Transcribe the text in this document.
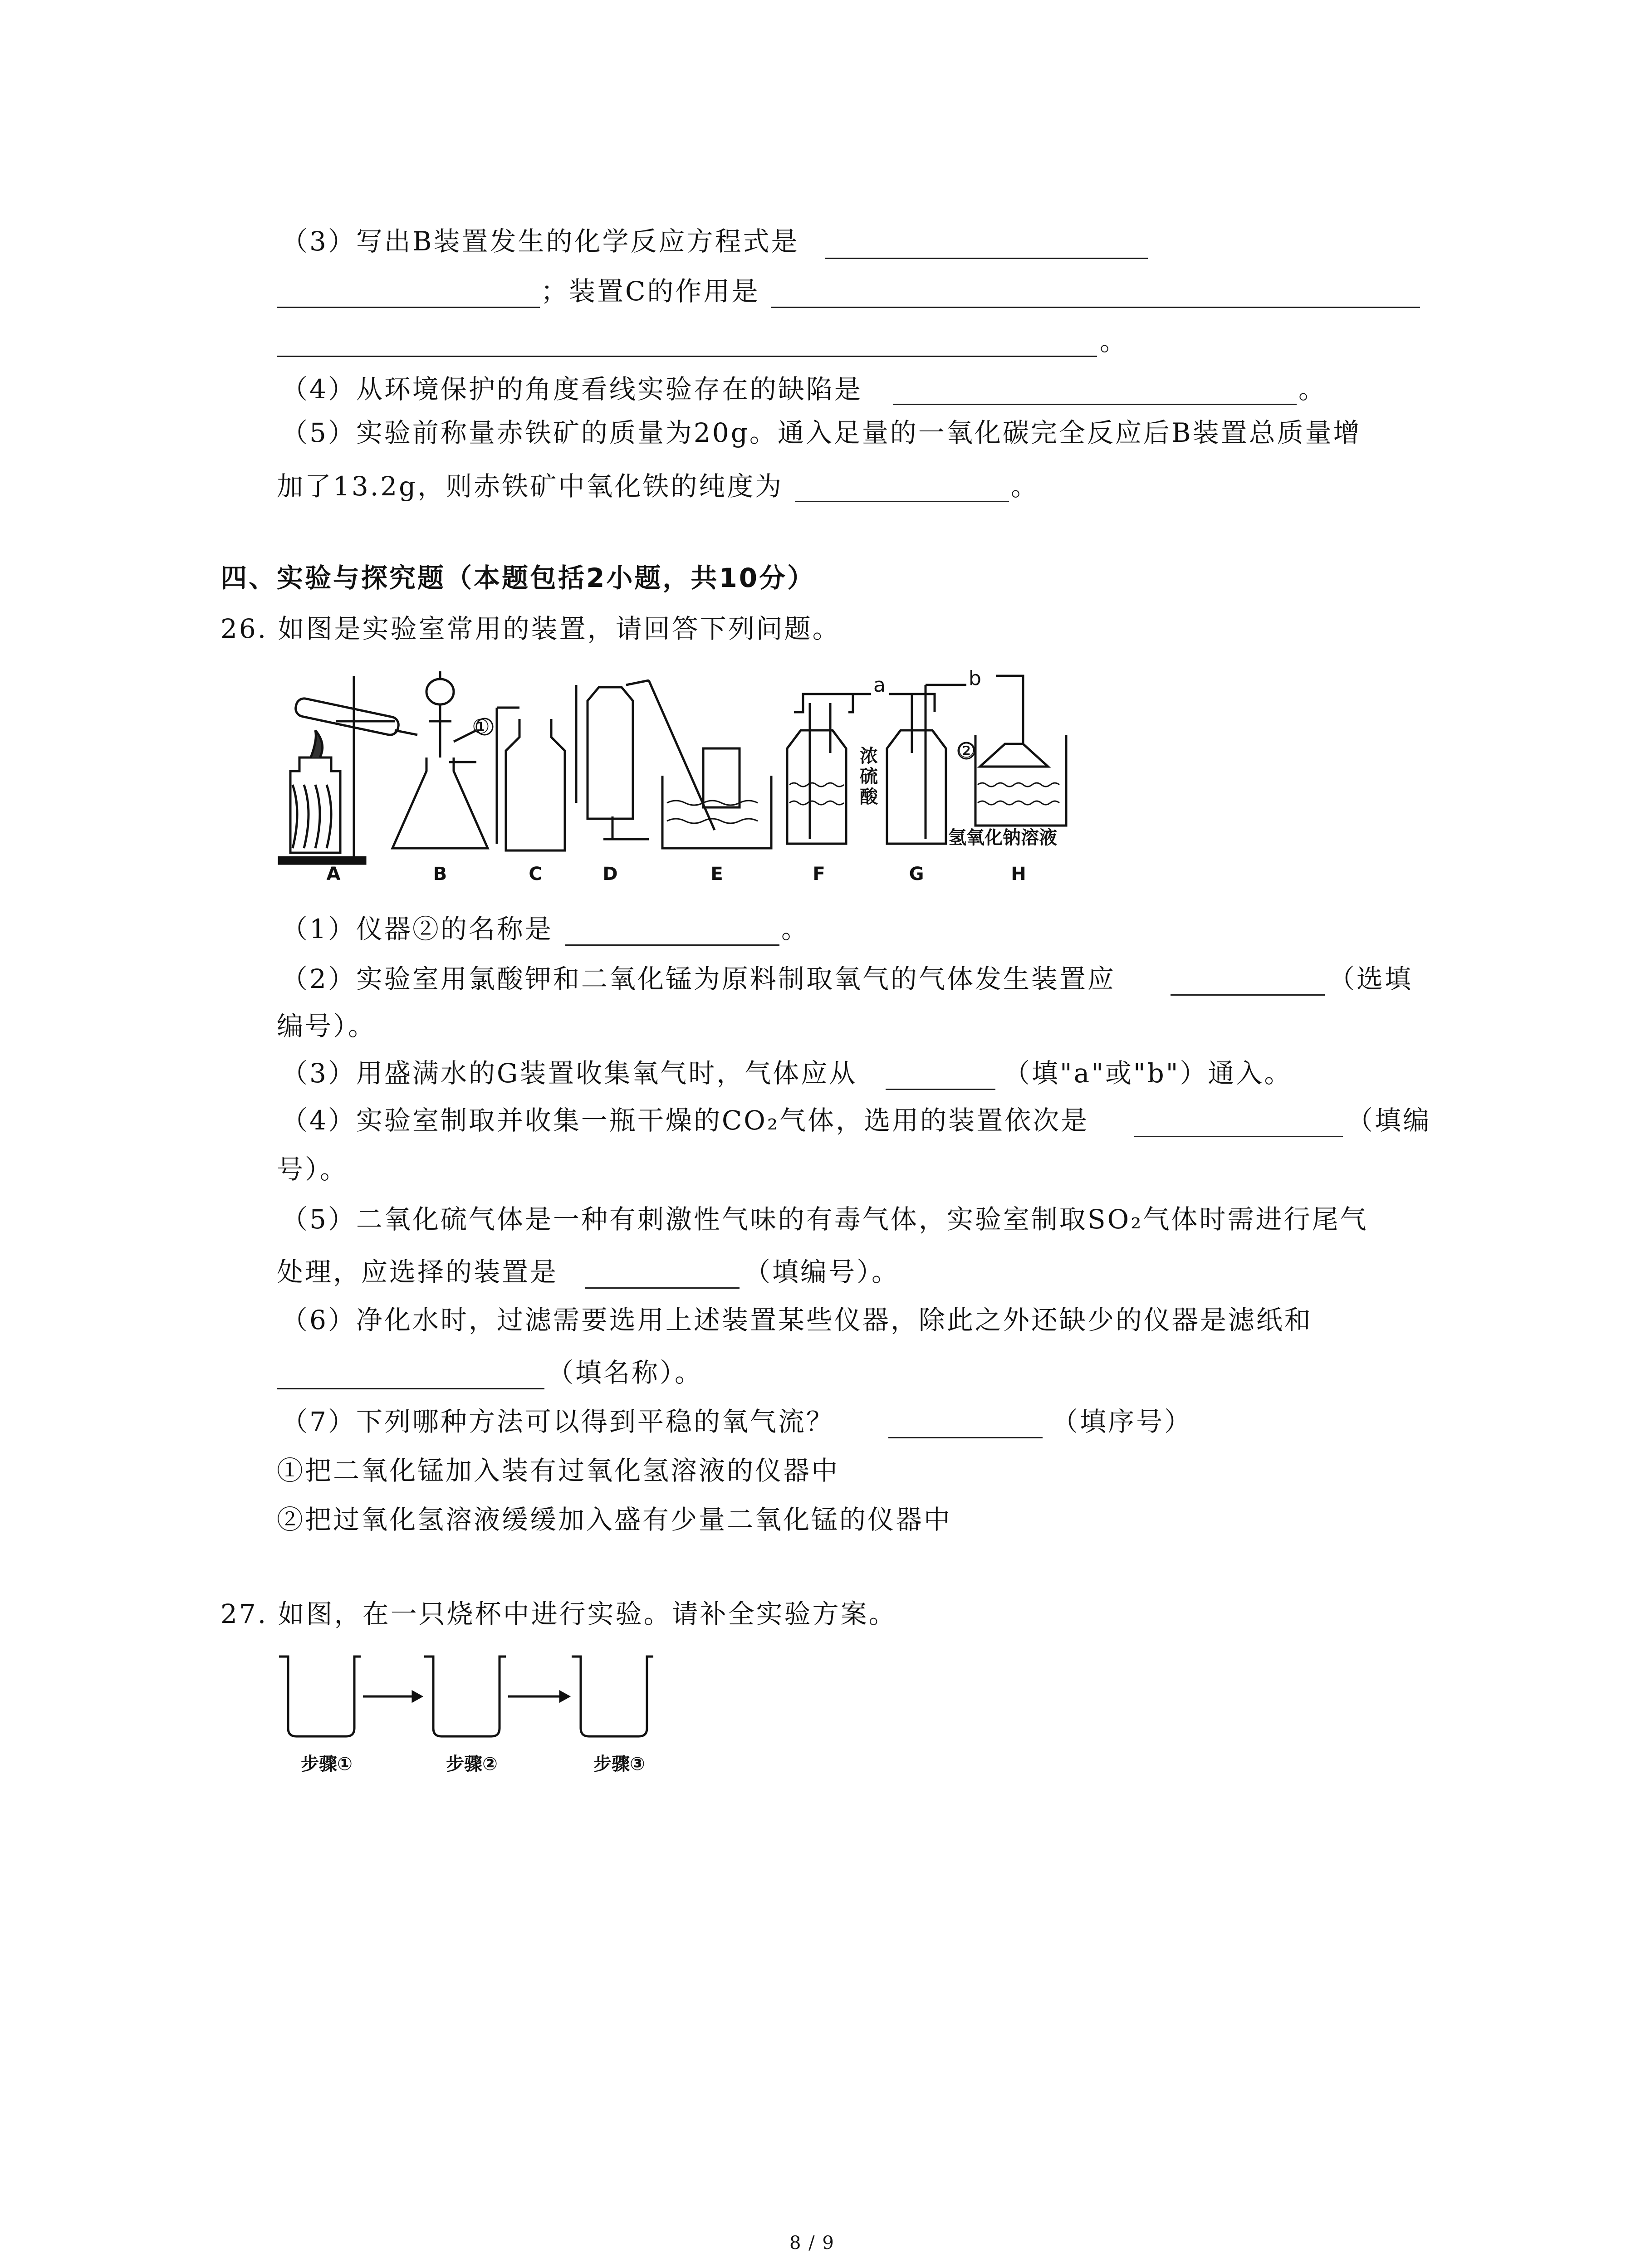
（3）写出B装置发生的化学反应方程式是
；装置C的作用是
。
（4）从环境保护的角度看线实验存在的缺陷是	。
（5）实验前称量赤铁矿的质量为20g。通入足量的一氧化碳完全反应后B装置总质量增
加了13.2g，则赤铁矿中氧化铁的纯度为	。
四、实验与探究题（本题包括2小题，共10分）
26. 如图是实验室常用的装置，请回答下列问题。
①
②
a	b
浓
硫
酸
氢氧化钠溶液
A	B	C	D	E	F	G	H
（1）仪器②的名称是	。
（2）实验室用氯酸钾和二氧化锰为原料制取氧气的气体发生装置应	（选填
编号）。
（3）用盛满水的G装置收集氧气时，气体应从	（填"a"或"b"）通入。
（4）实验室制取并收集一瓶干燥的CO₂气体，选用的装置依次是	（填编
号）。
（5）二氧化硫气体是一种有刺激性气味的有毒气体，实验室制取SO₂气体时需进行尾气
处理，应选择的装置是	（填编号）。
（6）净化水时，过滤需要选用上述装置某些仪器，除此之外还缺少的仪器是滤纸和
（填名称）。
（7）下列哪种方法可以得到平稳的氧气流？	（填序号）
①把二氧化锰加入装有过氧化氢溶液的仪器中
②把过氧化氢溶液缓缓加入盛有少量二氧化锰的仪器中
27. 如图，在一只烧杯中进行实验。请补全实验方案。
步骤①	步骤②	步骤③
8 / 9
